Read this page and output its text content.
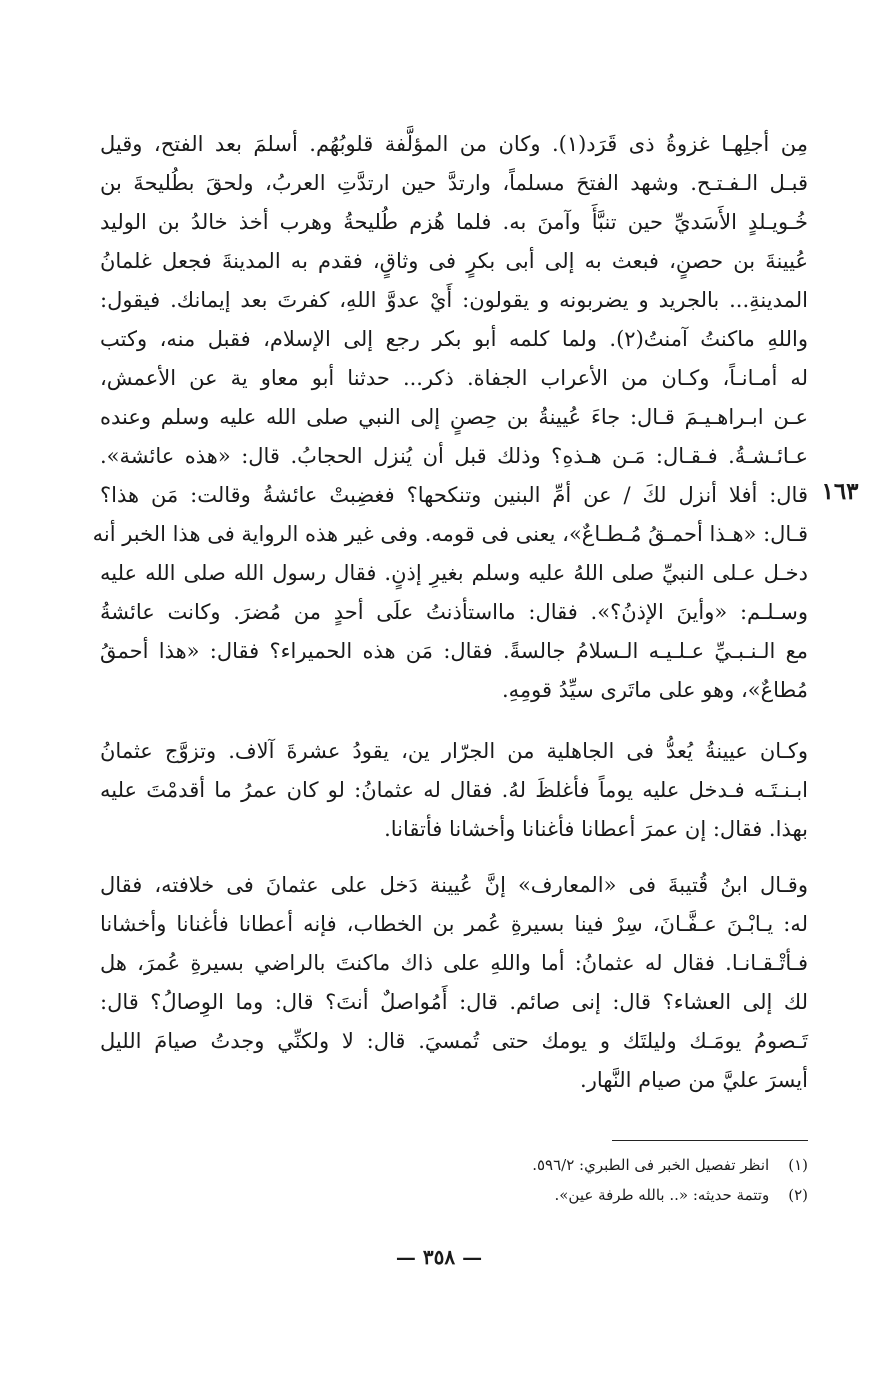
مِن أجلِهـا غزوةُ ذى قَرَد(١). وكان من المؤلَّفة قلوبُهُم. أسلمَ بعد الفتح، وقيل
قبـل الـفـتـح. وشهد الفتحَ مسلماً، وارتدَّ حين ارتدَّتِ العربُ، ولحقَ بطُليحةَ بن
خُـويـلدٍ الأَسَديِّ حين تنبَّأَ وآمنَ به. فلما هُزم طُليحةُ وهرب أخذ خالدُ بن الوليد
عُيينةَ بن حصنٍ، فبعث به إلى أبى بكرٍ فى وثاقٍ، فقدم به المدينةَ فجعل غلمانُ
المدينةِ... بالجريد و يضربونه و يقولون: أَيْ عدوَّ اللهِ، كفرتَ بعد إيمانك. فيقول:
واللهِ ماكنتُ آمنتُ(٢). ولما كلمه أبو بكر رجع إلى الإسلام، فقبل منه، وكتب
له أمـانـاً، وكـان من الأعراب الجفاة. ذكر... حدثنا أبو معاو ية عن الأعمش،
عـن ابـراهـيـمَ قـال: جاءَ عُيينةُ بن حِصنٍ إلى النبي صلى الله عليه وسلم وعنده
عـائـشـةُ. فـقـال: مَـن هـذهِ؟ وذلك قبل أن يُنزل الحجابُ. قال: «هذه عائشة».
قال: أفلا أنزل لكَ / عن أمِّ البنين وتنكحها؟ فغضِبتْ عائشةُ وقالت: مَن هذا؟
قـال: «هـذا أحمـقُ مُـطـاعٌ»، يعنى فى قومه. وفى غير هذه الرواية فى هذا الخبر أنه
دخـل عـلى النبيِّ صلى اللهُ عليه وسلم بغيرِ إذنٍ. فقال رسول الله صلى الله عليه
وسـلـم: «وأينَ الإذنُ؟». فقال: مااستأذنتُ علَى أحدٍ من مُضرَ. وكانت عائشةُ
مع الـنـبـيِّ عـلـيـه الـسلامُ جالسةً. فقال: مَن هذه الحميراء؟ فقال: «هذا أحمقُ
مُطاعٌ»، وهو على ماتَرى سيِّدُ قومِهِ.
١٦٣
وكـان عيينةُ يُعدُّ فى الجاهلية من الجرّار ين، يقودُ عشرةَ آلاف. وتزوَّج عثمانُ
ابـنـتَـه فـدخل عليه يوماً فأغلظَ لهُ. فقال له عثمانُ: لو كان عمرُ ما أقدمْتَ عليه
بهذا. فقال: إن عمرَ أعطانا فأغنانا وأخشانا فأتقانا.
وقـال ابنُ قُتيبةَ فى «المعارف» إنَّ عُيينة دَخل على عثمانَ فى خلافته، فقال
له: يـابْـنَ عـفَّـانَ، سِرْ فينا بسيرةِ عُمر بن الخطاب، فإنه أعطانا فأغنانا وأخشانا
فـأتْـقـانـا. فقال له عثمانُ: أما واللهِ على ذاك ماكنتَ بالراضي بسيرةِ عُمرَ، هل
لك إلى العشاء؟ قال: إنى صائم. قال: أَمُواصلٌ أنتَ؟ قال: وما الوِصالُ؟ قال:
تَـصومُ يومَـك وليلتَك و يومك حتى تُمسيَ. قال: لا ولكنِّي وجدتُ صيامَ الليل
أيسرَ عليَّ من صيام النَّهار.
(١) انظر تفصيل الخبر فى الطبري: ٥٩٦/٢.
(٢) وتتمة حديثه: «.. بالله طرفة عين».
— ٣٥٨ —
